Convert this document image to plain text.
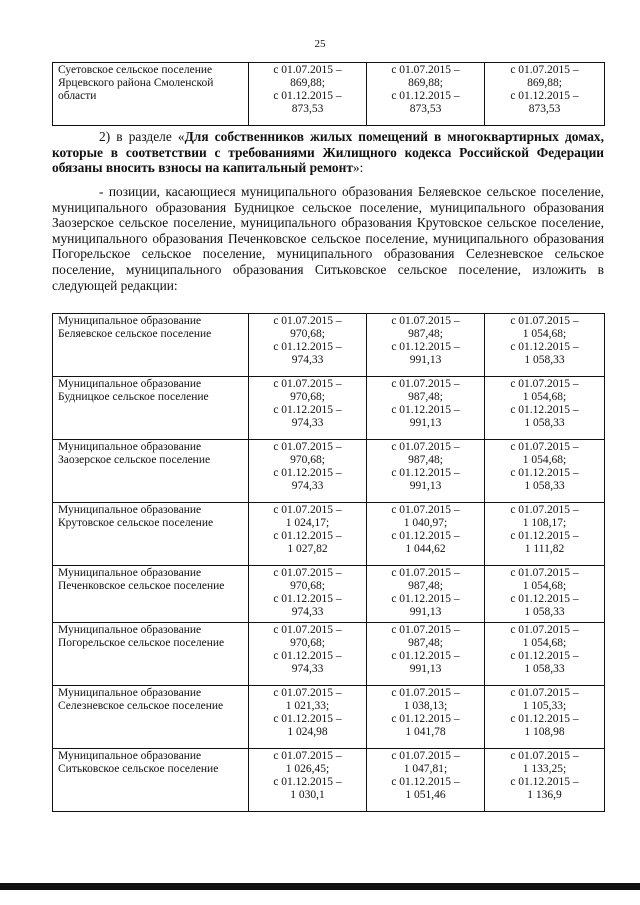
25
Суетовское сельское поселение Ярцевского района Смоленской области	
с 01.07.2015 –
869,88;
с 01.12.2015 –
873,53

с 01.07.2015 –
869,88;
с 01.12.2015 –
873,53

с 01.07.2015 –
869,88;
с 01.12.2015 –
873,53
2) в разделе «Для собственников жилых помещений в многоквартирных домах, которые в соответствии с требованиями Жилищного кодекса Российской Федерации обязаны вносить взносы на капитальный ремонт»:
- позиции, касающиеся муниципального образования Беляевское сельское поселение, муниципального образования Будницкое сельское поселение, муниципального образования Заозерское сельское поселение, муниципального образования Крутовское сельское поселение, муниципального образования Печенковское сельское поселение, муниципального образования Погорельское сельское поселение, муниципального образования Селезневское сельское поселение, муниципального образования Ситьковское сельское поселение, изложить в следующей редакции:
Муниципальное образование Беляевское сельское поселение	с 01.07.2015 –
970,68;
с 01.12.2015 –
974,33	с 01.07.2015 –
987,48;
с 01.12.2015 –
991,13	с 01.07.2015 –
1 054,68;
с 01.12.2015 –
1 058,33

Муниципальное образование Будницкое сельское поселение	с 01.07.2015 –
970,68;
с 01.12.2015 –
974,33	с 01.07.2015 –
987,48;
с 01.12.2015 –
991,13	с 01.07.2015 –
1 054,68;
с 01.12.2015 –
1 058,33

Муниципальное образование Заозерское сельское поселение	с 01.07.2015 –
970,68;
с 01.12.2015 –
974,33	с 01.07.2015 –
987,48;
с 01.12.2015 –
991,13	с 01.07.2015 –
1 054,68;
с 01.12.2015 –
1 058,33

Муниципальное образование Крутовское сельское поселение	с 01.07.2015 –
1 024,17;
с 01.12.2015 –
1 027,82	с 01.07.2015 –
1 040,97;
с 01.12.2015 –
1 044,62	с 01.07.2015 –
1 108,17;
с 01.12.2015 –
1 111,82

Муниципальное образование Печенковское сельское поселение	с 01.07.2015 –
970,68;
с 01.12.2015 –
974,33	с 01.07.2015 –
987,48;
с 01.12.2015 –
991,13	с 01.07.2015 –
1 054,68;
с 01.12.2015 –
1 058,33

Муниципальное образование Погорельское сельское поселение	с 01.07.2015 –
970,68;
с 01.12.2015 –
974,33	с 01.07.2015 –
987,48;
с 01.12.2015 –
991,13	с 01.07.2015 –
1 054,68;
с 01.12.2015 –
1 058,33

Муниципальное образование Селезневское сельское поселение	с 01.07.2015 –
1 021,33;
с 01.12.2015 –
1 024,98	с 01.07.2015 –
1 038,13;
с 01.12.2015 –
1 041,78	с 01.07.2015 –
1 105,33;
с 01.12.2015 –
1 108,98

Муниципальное образование Ситьковское сельское поселение	с 01.07.2015 –
1 026,45;
с 01.12.2015 –
1 030,1	с 01.07.2015 –
1 047,81;
с 01.12.2015 –
1 051,46	с 01.07.2015 –
1 133,25;
с 01.12.2015 –
1 136,9
